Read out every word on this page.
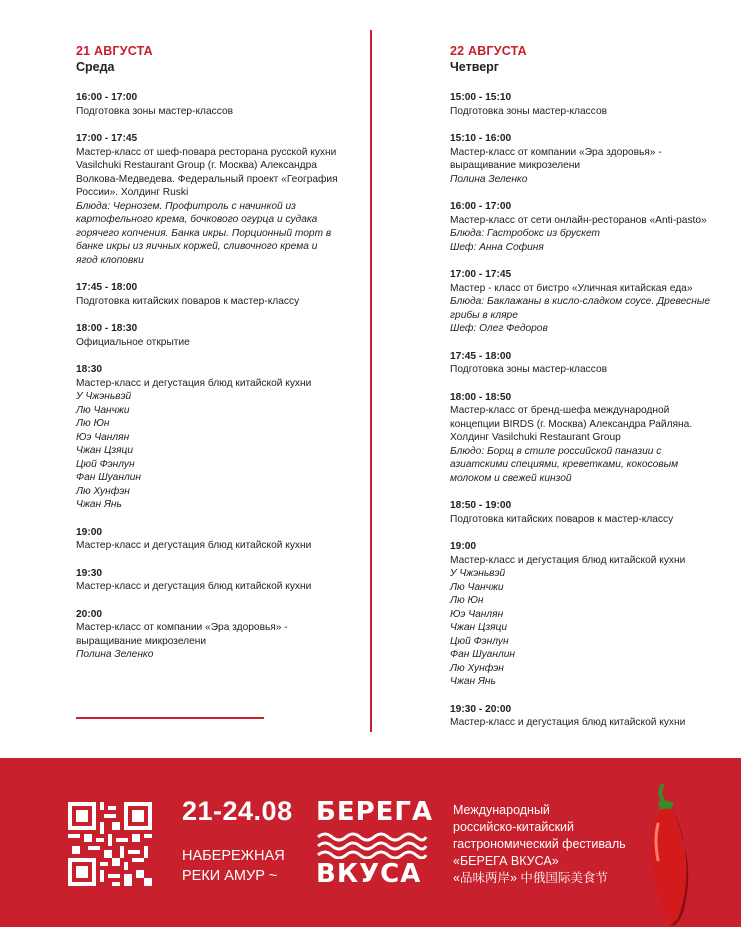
21 АВГУСТА
Среда
16:00 - 17:00
Подготовка зоны мастер-классов
17:00 - 17:45
Мастер-класс от шеф-повара ресторана русской кухни
Vasilchuki Restaurant Group (г. Москва) Александра
Волкова-Медведева. Федеральный проект «География
России». Холдинг Ruski
Блюда: Чернозем. Профитроль с начинкой из
картофельного крема, бочкового огурца и судака
горячего копчения. Банка икры. Порционный торт в
банке икры из яичных коржей, сливочного крема и
ягод клоповки
17:45 - 18:00
Подготовка китайских поваров к мастер-классу
18:00 - 18:30
Официальное открытие
18:30
Мастер-класс и дегустация блюд китайской кухни
У Чжэньвэй
Лю Чанчжи
Лю Юн
Юэ Чанлян
Чжан Цзяци
Цюй Фэнлун
Фан Шуанлин
Лю Хунфэн
Чжан Янь
19:00
Мастер-класс и дегустация блюд китайской кухни
19:30
Мастер-класс и дегустация блюд китайской кухни
20:00
Мастер-класс от компании «Эра здоровья» -
выращивание микрозелени
Полина Зеленко
22 АВГУСТА
Четверг
15:00 - 15:10
Подготовка зоны мастер-классов
15:10 - 16:00
Мастер-класс от компании «Эра здоровья» -
выращивание микрозелени
Полина Зеленко
16:00 - 17:00
Мастер-класс от сети онлайн-ресторанов «Anti-pasto»
Блюда: Гастробокс из брускет
Шеф: Анна Софиня
17:00 - 17:45
Мастер - класс от бистро «Уличная китайская еда»
Блюда: Баклажаны в кисло-сладком соусе. Древесные
грибы в кляре
Шеф: Олег Федоров
17:45 - 18:00
Подготовка зоны мастер-классов
18:00 - 18:50
Мастер-класс от бренд-шефа международной
концепции BIRDS (г. Москва) Александра Райляна.
Холдинг Vasilchuki Restaurant Group
Блюдо: Борщ в стиле российской паназии с
азиатскими специями, креветками, кокосовым
молоком и свежей кинзой
18:50 - 19:00
Подготовка китайских поваров к мастер-классу
19:00
Мастер-класс и дегустация блюд китайской кухни
У Чжэньвэй
Лю Чанчжи
Лю Юн
Юэ Чанлян
Чжан Цзяци
Цюй Фэнлун
Фан Шуанлин
Лю Хунфэн
Чжан Янь
19:30 - 20:00
Мастер-класс и дегустация блюд китайской кухни
21-24.08
НАБЕРЕЖНАЯ
РЕКИ АМУР ~
БЕРЕГА
ВКУСА
Международный
российско-китайский
гастрономический фестиваль
«БЕРЕГА ВКУСА»
«品味两岸» 中俄国际美食节
